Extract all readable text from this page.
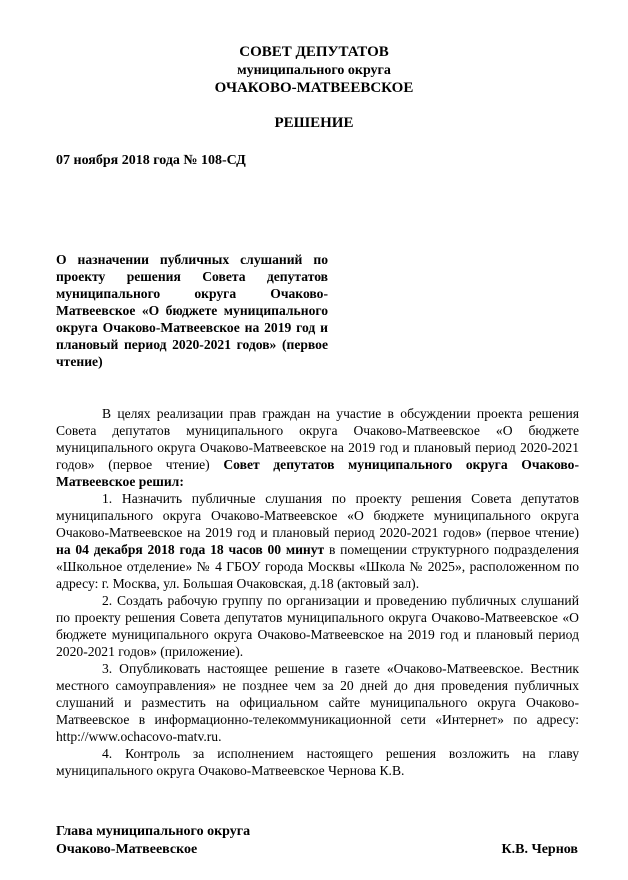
СОВЕТ ДЕПУТАТОВ
муниципального округа
ОЧАКОВО-МАТВЕЕВСКОЕ
РЕШЕНИЕ
07 ноября 2018 года № 108-СД
О назначении публичных слушаний по проекту решения Совета депутатов муниципального округа Очаково-Матвеевское «О бюджете муниципального округа Очаково-Матвеевское на 2019 год и плановый период 2020-2021 годов» (первое чтение)

В целях реализации прав граждан на участие в обсуждении проекта решения Совета депутатов муниципального округа Очаково-Матвеевское «О бюджете муниципального округа Очаково-Матвеевское на 2019 год и плановый период 2020-2021 годов» (первое чтение) Совет депутатов муниципального округа Очаково-Матвеевское решил:

1. Назначить публичные слушания по проекту решения Совета депутатов муниципального округа Очаково-Матвеевское «О бюджете муниципального округа Очаково-Матвеевское на 2019 год и плановый период 2020-2021 годов» (первое чтение) на 04 декабря 2018 года 18 часов 00 минут в помещении структурного подразделения «Школьное отделение» № 4 ГБОУ города Москвы «Школа № 2025», расположенном по адресу: г. Москва, ул. Большая Очаковская, д.18 (актовый зал).

2. Создать рабочую группу по организации и проведению публичных слушаний по проекту решения Совета депутатов муниципального округа Очаково-Матвеевское «О бюджете муниципального округа Очаково-Матвеевское на 2019 год и плановый период 2020-2021 годов» (приложение).

3. Опубликовать настоящее решение в газете «Очаково-Матвеевское. Вестник местного самоуправления» не позднее чем за 20 дней до дня проведения публичных слушаний и разместить на официальном сайте муниципального округа Очаково-Матвеевское в информационно-телекоммуникационной сети «Интернет» по адресу: http://www.ochacovo-matv.ru.

4. Контроль за исполнением настоящего решения возложить на главу муниципального округа Очаково-Матвеевское Чернова К.В.

Глава муниципального округа
Очаково-Матвеевское	К.В. Чернов
